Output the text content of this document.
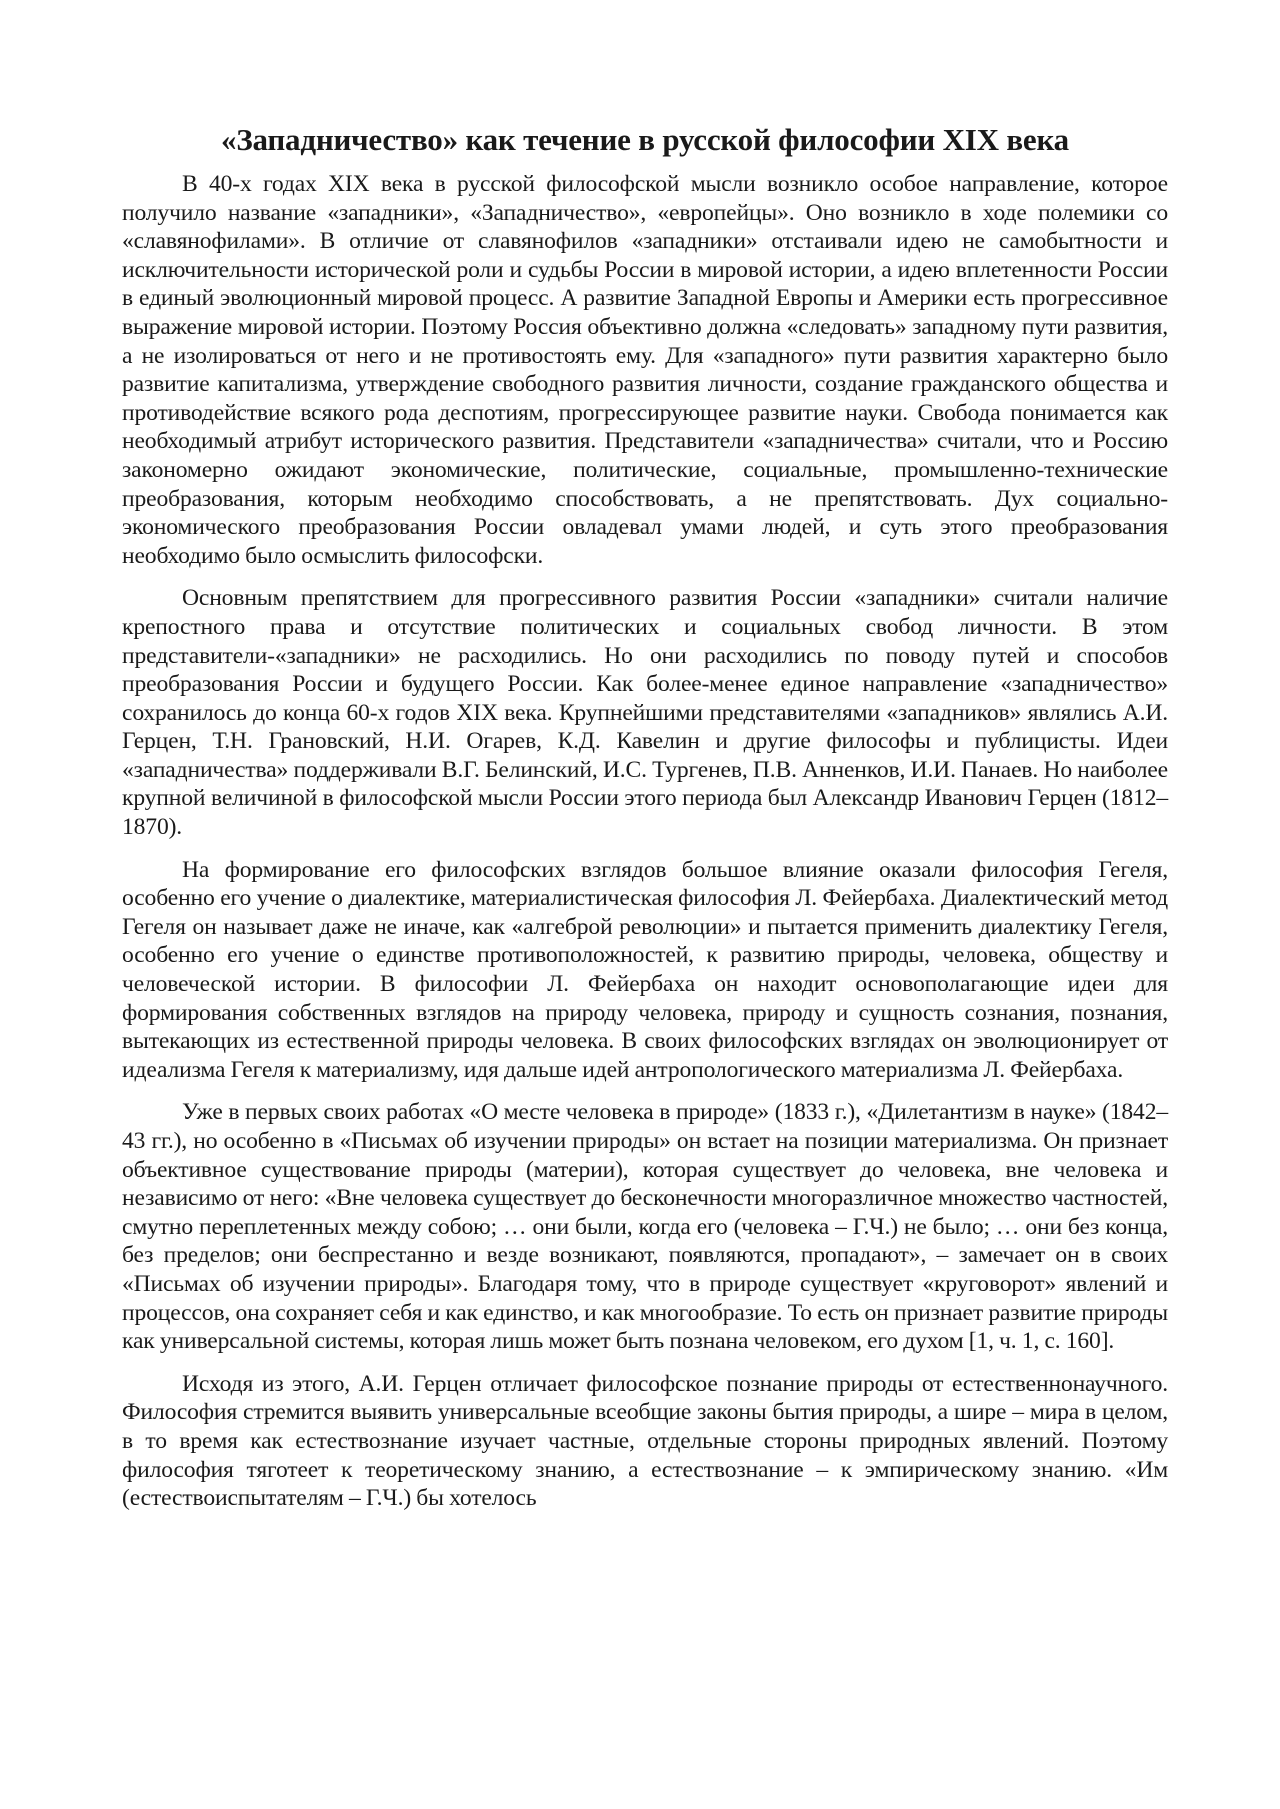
«Западничество» как течение в русской философии XIX века

В 40-х годах XIX века в русской философской мысли возникло особое направление, которое получило название «западники», «Западничество», «европейцы». Оно возникло в ходе полемики со «славянофилами». В отличие от славянофилов «западники» отстаивали идею не самобытности и исключительности исторической роли и судьбы России в мировой истории, а идею вплетенности России в единый эволюционный мировой процесс. А развитие Западной Европы и Америки есть прогрессивное выражение мировой истории. Поэтому Россия объективно должна «следовать» западному пути развития, а не изолироваться от него и не противостоять ему. Для «западного» пути развития характерно было развитие капитализма, утверждение свободного развития личности, создание гражданского общества и противодействие всякого рода деспотиям, прогрессирующее развитие науки. Свобода понимается как необходимый атрибут исторического развития. Представители «западничества» считали, что и Россию закономерно ожидают экономические, политические, социальные, промышленно-технические преобразования, которым необходимо способствовать, а не препятствовать. Дух социально-экономического преобразования России овладевал умами людей, и суть этого преобразования необходимо было осмыслить философски.

Основным препятствием для прогрессивного развития России «западники» считали наличие крепостного права и отсутствие политических и социальных свобод личности. В этом представители-«западники» не расходились. Но они расходились по поводу путей и способов преобразования России и будущего России. Как более-менее единое направление «западничество» сохранилось до конца 60-х годов XIX века. Крупнейшими представителями «западников» являлись А.И. Герцен, Т.Н. Грановский, Н.И. Огарев, К.Д. Кавелин и другие философы и публицисты. Идеи «западничества» поддерживали В.Г. Белинский, И.С. Тургенев, П.В. Анненков, И.И. Панаев. Но наиболее крупной величиной в философской мысли России этого периода был Александр Иванович Герцен (1812–1870).

На формирование его философских взглядов большое влияние оказали философия Гегеля, особенно его учение о диалектике, материалистическая философия Л. Фейербаха. Диалектический метод Гегеля он называет даже не иначе, как «алгеброй революции» и пытается применить диалектику Гегеля, особенно его учение о единстве противоположностей, к развитию природы, человека, обществу и человеческой истории. В философии Л. Фейербаха он находит основополагающие идеи для формирования собственных взглядов на природу человека, природу и сущность сознания, познания, вытекающих из естественной природы человека. В своих философских взглядах он эволюционирует от идеализма Гегеля к материализму, идя дальше идей антропологического материализма Л. Фейербаха.

Уже в первых своих работах «О месте человека в природе» (1833 г.), «Дилетантизм в науке» (1842–43 гг.), но особенно в «Письмах об изучении природы» он встает на позиции материализма. Он признает объективное существование природы (материи), которая существует до человека, вне человека и независимо от него: «Вне человека существует до бесконечности многоразличное множество частностей, смутно переплетенных между собою; … они были, когда его (человека – Г.Ч.) не было; … они без конца, без пределов; они беспрестанно и везде возникают, появляются, пропадают», – замечает он в своих «Письмах об изучении природы». Благодаря тому, что в природе существует «круговорот» явлений и процессов, она сохраняет себя и как единство, и как многообразие. То есть он признает развитие природы как универсальной системы, которая лишь может быть познана человеком, его духом [1, ч. 1, с. 160].

Исходя из этого, А.И. Герцен отличает философское познание природы от естественнонаучного. Философия стремится выявить универсальные всеобщие законы бытия природы, а шире – мира в целом, в то время как естествознание изучает частные, отдельные стороны природных явлений. Поэтому философия тяготеет к теоретическому знанию, а естествознание – к эмпирическому знанию. «Им (естествоиспытателям – Г.Ч.) бы хотелось
